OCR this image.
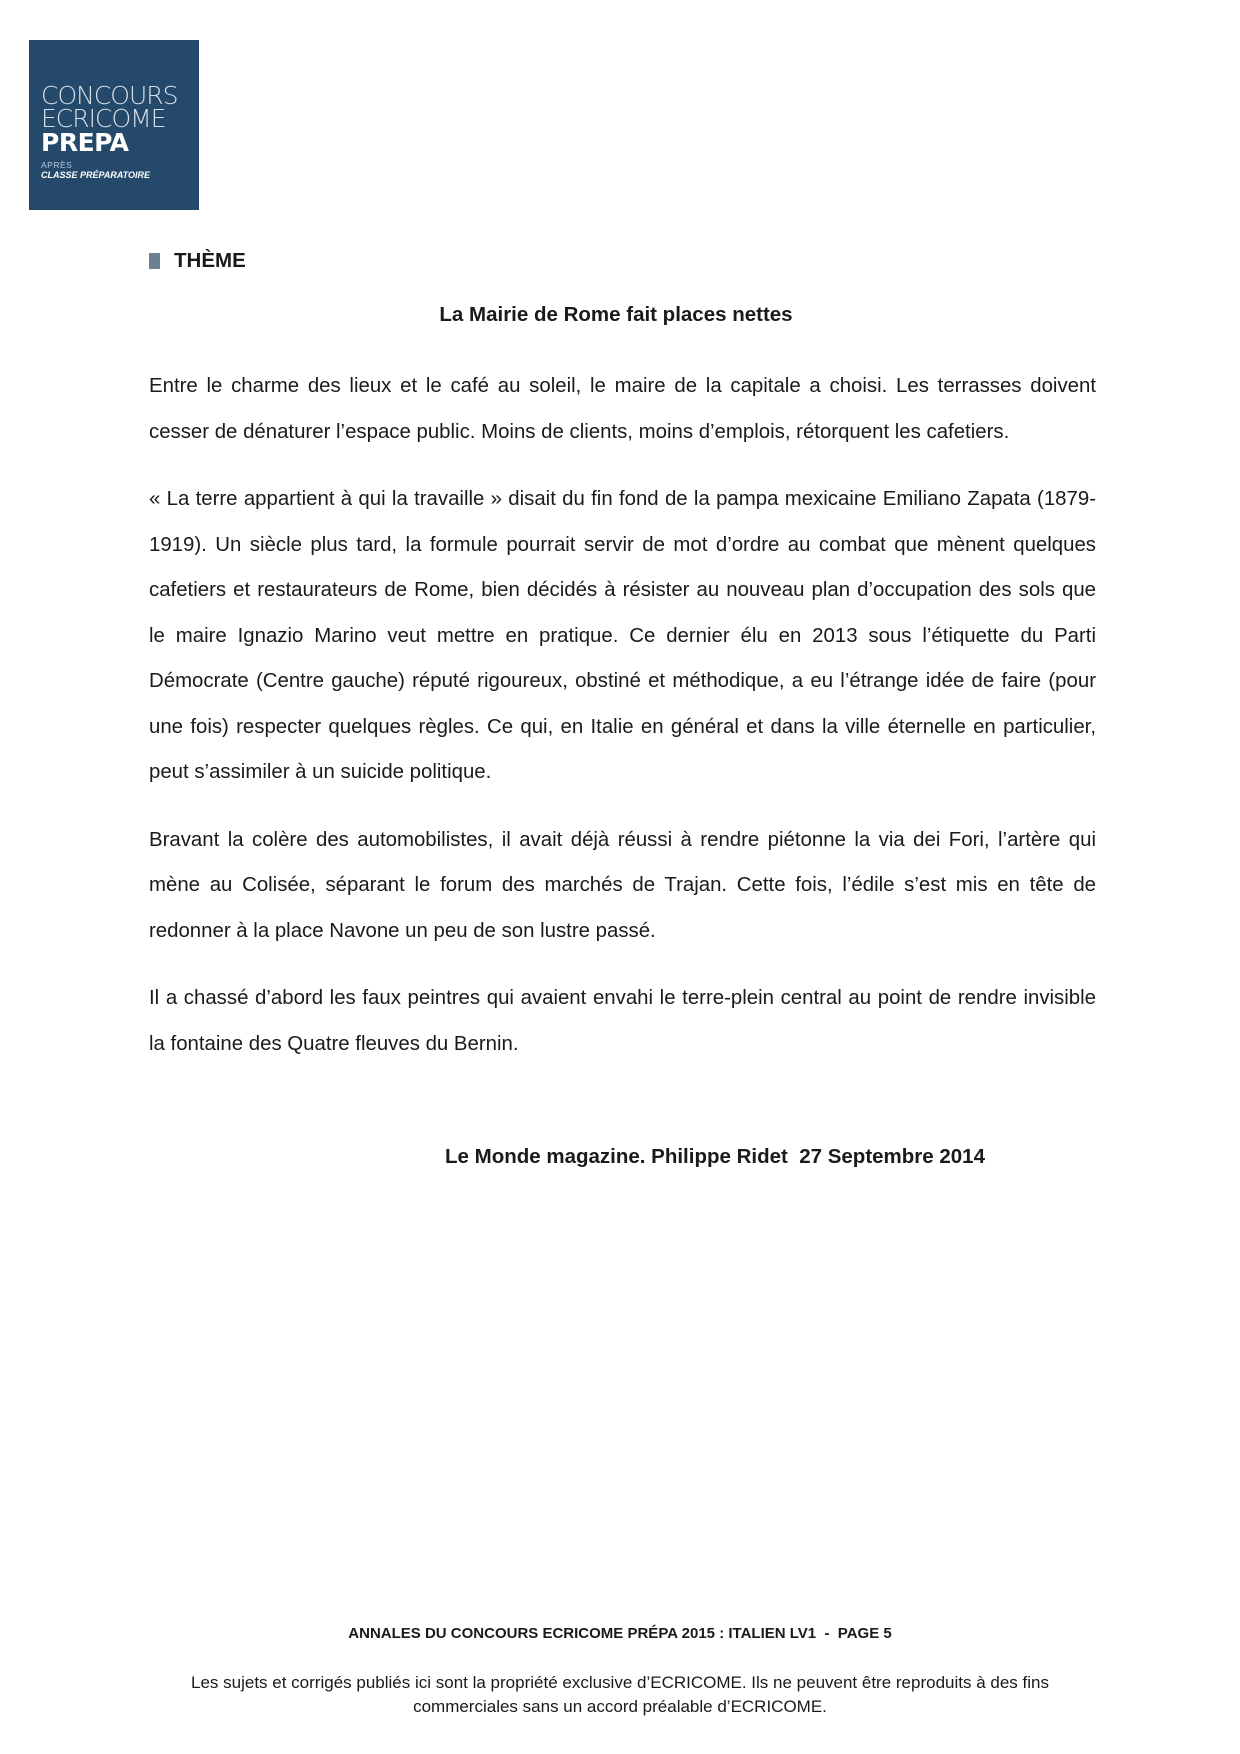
CONCOURS
ECRICOME
PREPA
APRÈS
CLASSE PRÉPARATOIRE
THÈME
La Mairie de Rome fait places nettes

Entre le charme des lieux et le café au soleil, le maire de la capitale a choisi. Les terrasses doivent cesser de dénaturer l’espace public. Moins de clients, moins d’emplois, rétorquent les cafetiers.

« La terre appartient à qui la travaille » disait du fin fond de la pampa mexicaine Emiliano Zapata (1879-1919). Un siècle plus tard, la formule pourrait servir de mot d’ordre au combat que mènent quelques cafetiers et restaurateurs de Rome, bien décidés à résister au nouveau plan d’occupation des sols que le maire Ignazio Marino veut mettre en pratique. Ce dernier élu en 2013 sous l’étiquette du Parti Démocrate (Centre gauche) réputé rigoureux, obstiné et méthodique, a eu l’étrange idée de faire (pour une fois) respecter quelques règles. Ce qui, en Italie en général et dans la ville éternelle en particulier, peut s’assimiler à un suicide politique.

Bravant la colère des automobilistes, il avait déjà réussi à rendre piétonne la via dei Fori, l’artère qui mène au Colisée, séparant le forum des marchés de Trajan. Cette fois, l’édile s’est mis en tête de redonner à la place Navone un peu de son lustre passé.

Il a chassé d’abord les faux peintres qui avaient envahi le terre-plein central au point de rendre invisible la fontaine des Quatre fleuves du Bernin.

Le Monde magazine. Philippe Ridet  27 Septembre 2014
ANNALES DU CONCOURS ECRICOME PRÉPA 2015 : ITALIEN LV1  -  PAGE 5
Les sujets et corrigés publiés ici sont la propriété exclusive d’ECRICOME. Ils ne peuvent être reproduits à des fins commerciales sans un accord préalable d’ECRICOME.
